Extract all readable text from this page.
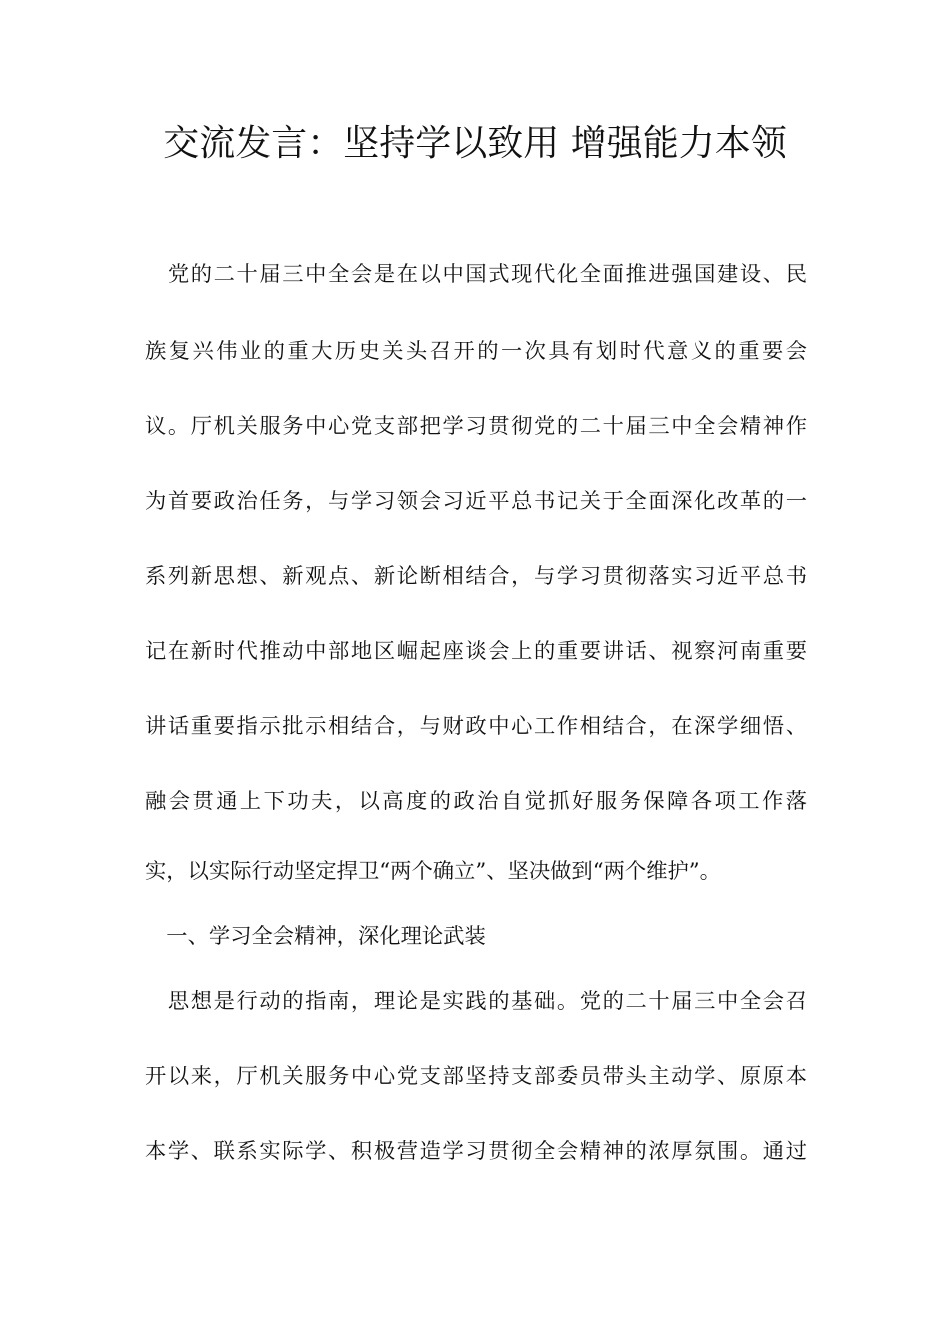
交流发言：坚持学以致用 增强能力本领
　党的二十届三中全会是在以中国式现代化全面推进强国建设、民
族复兴伟业的重大历史关头召开的一次具有划时代意义的重要会
议。厅机关服务中心党支部把学习贯彻党的二十届三中全会精神作
为首要政治任务，与学习领会习近平总书记关于全面深化改革的一
系列新思想、新观点、新论断相结合，与学习贯彻落实习近平总书
记在新时代推动中部地区崛起座谈会上的重要讲话、视察河南重要
讲话重要指示批示相结合，与财政中心工作相结合，在深学细悟、
融会贯通上下功夫，以高度的政治自觉抓好服务保障各项工作落
实，以实际行动坚定捍卫“两个确立”、坚决做到“两个维护”。
　一、学习全会精神，深化理论武装
　思想是行动的指南，理论是实践的基础。党的二十届三中全会召
开以来，厅机关服务中心党支部坚持支部委员带头主动学、原原本
本学、联系实际学、积极营造学习贯彻全会精神的浓厚氛围。通过
